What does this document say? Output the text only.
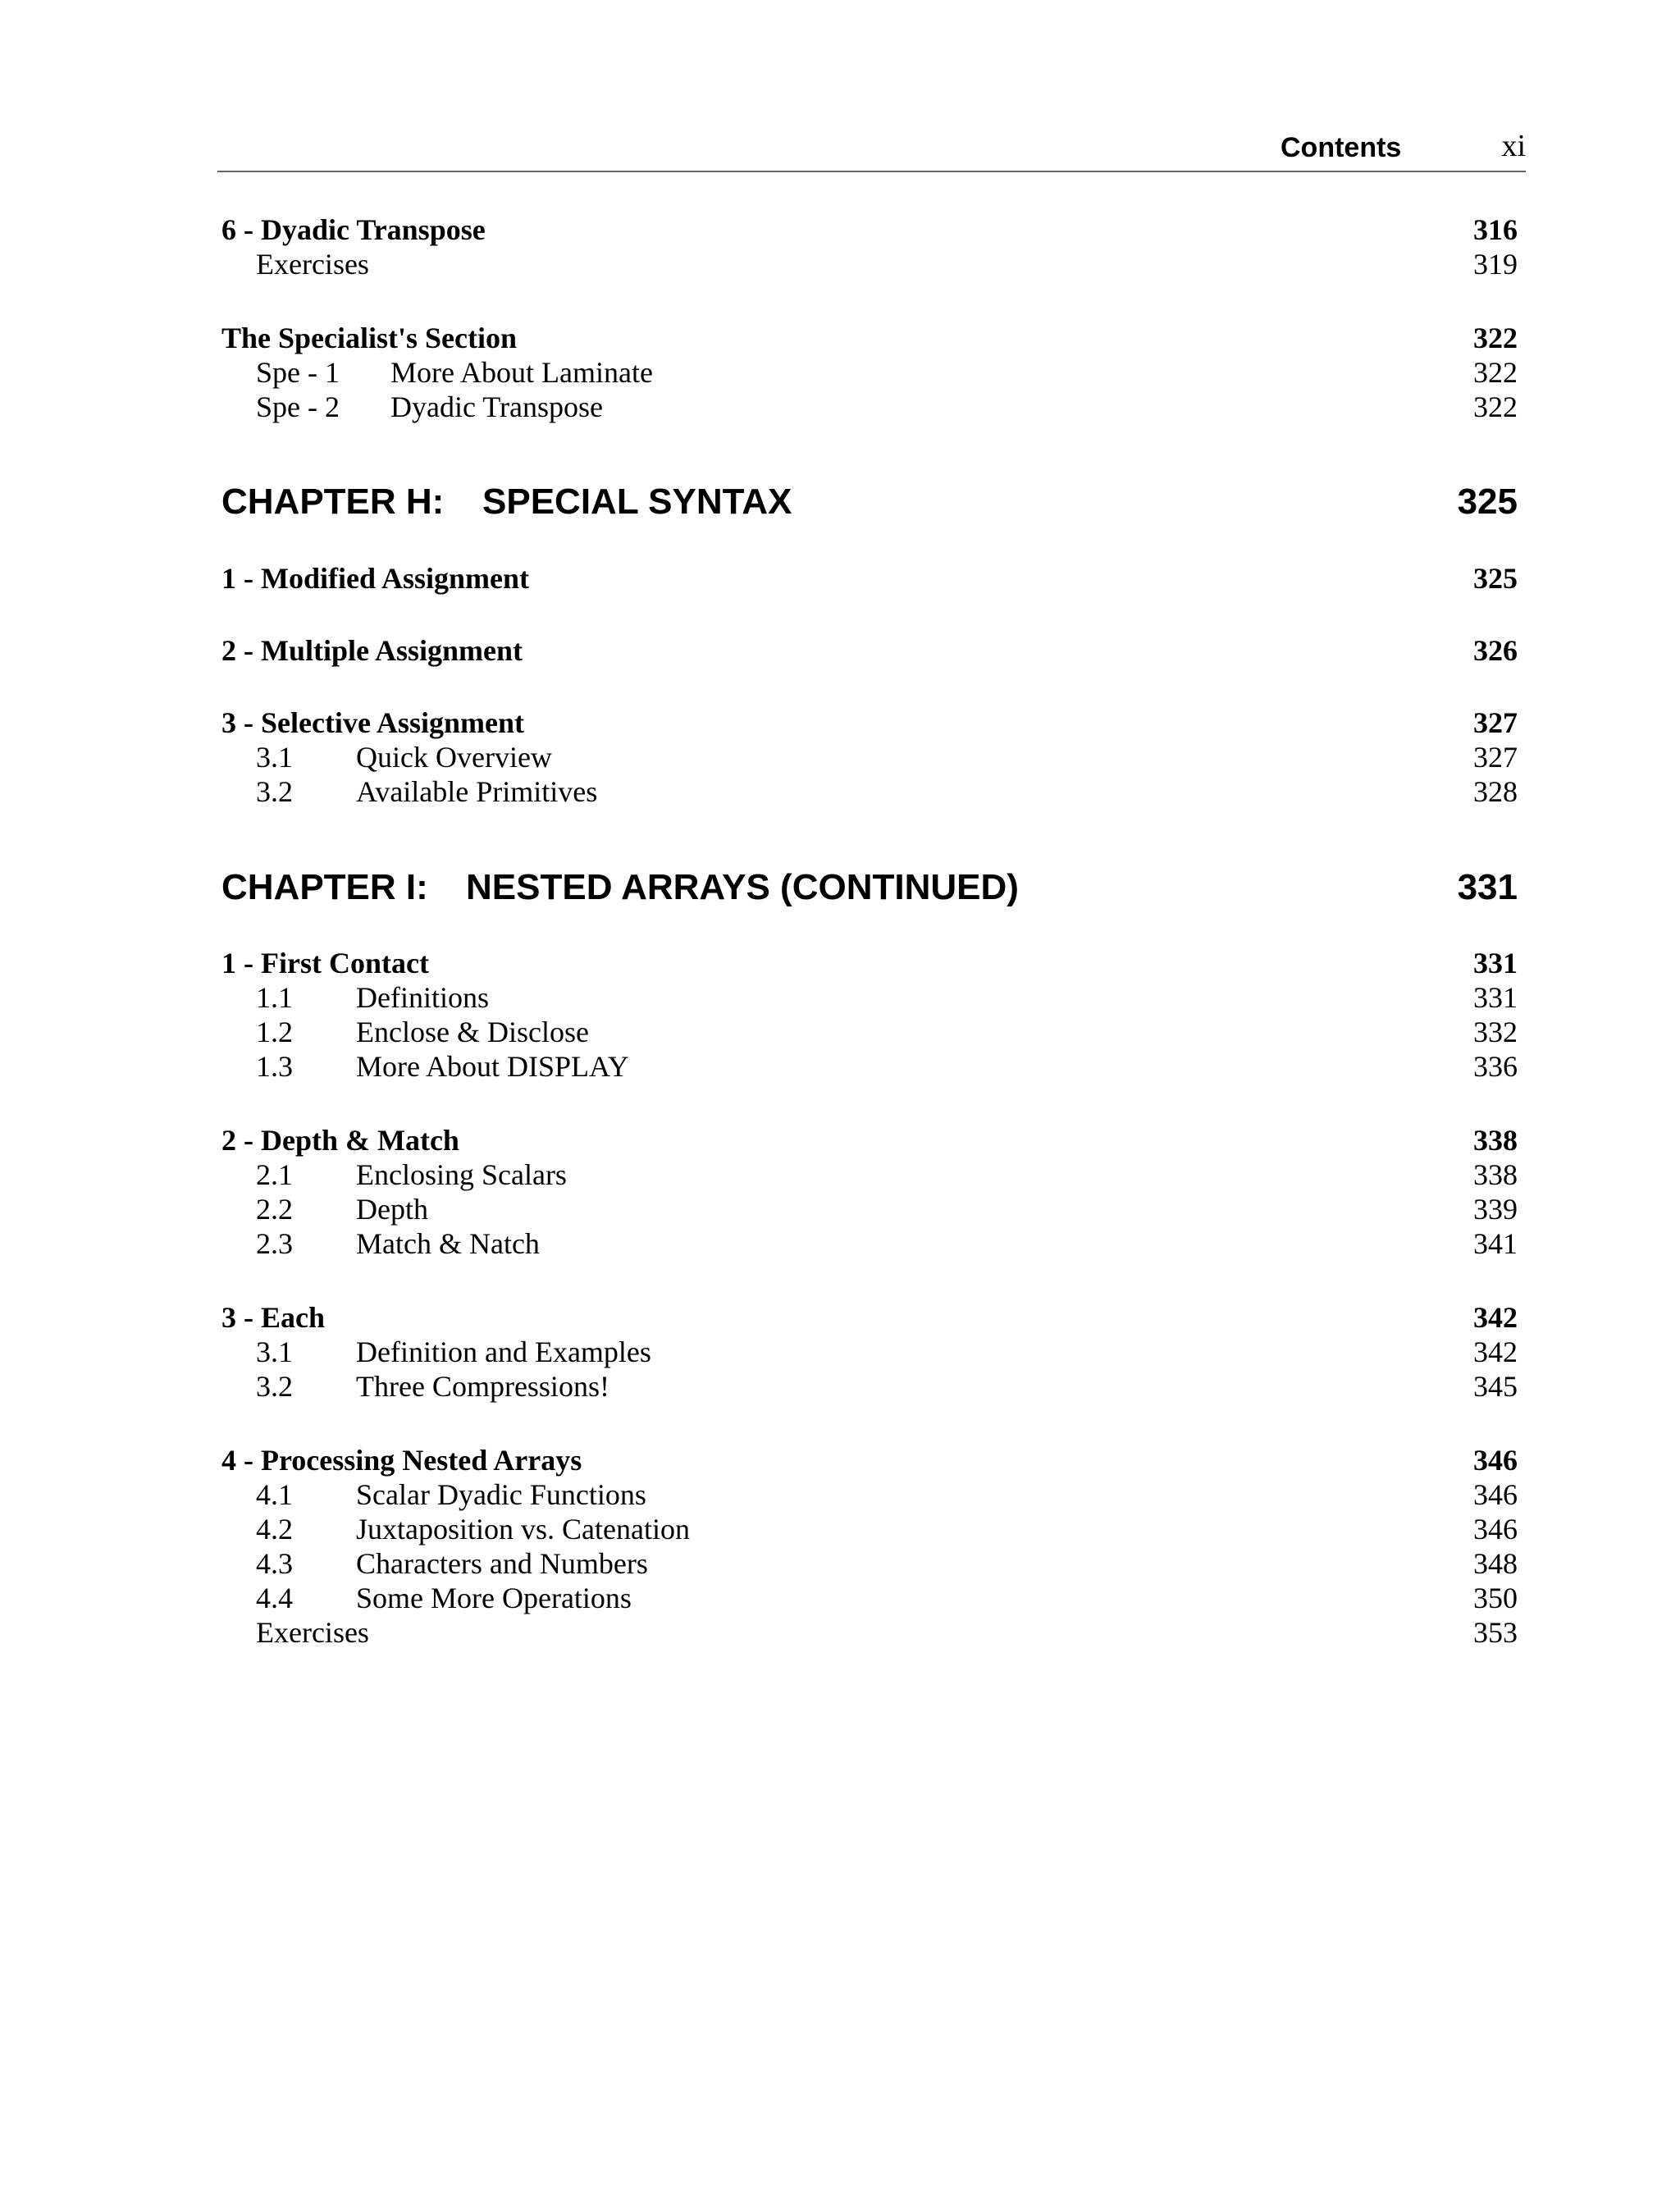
Contents	xi
6 - Dyadic Transpose	316
Exercises	319
The Specialist's Section	322
Spe - 1 More About Laminate	322
Spe - 2 Dyadic Transpose	322
CHAPTER H: SPECIAL SYNTAX	325
1 - Modified Assignment	325
2 - Multiple Assignment	326
3 - Selective Assignment	327
3.1 Quick Overview	327
3.2 Available Primitives	328
CHAPTER I: NESTED ARRAYS (CONTINUED)	331
1 - First Contact	331
1.1 Definitions	331
1.2 Enclose & Disclose	332
1.3 More About DISPLAY	336
2 - Depth & Match	338
2.1 Enclosing Scalars	338
2.2 Depth	339
2.3 Match & Natch	341
3 - Each	342
3.1 Definition and Examples	342
3.2 Three Compressions!	345
4 - Processing Nested Arrays	346
4.1 Scalar Dyadic Functions	346
4.2 Juxtaposition vs. Catenation	346
4.3 Characters and Numbers	348
4.4 Some More Operations	350
Exercises	353
